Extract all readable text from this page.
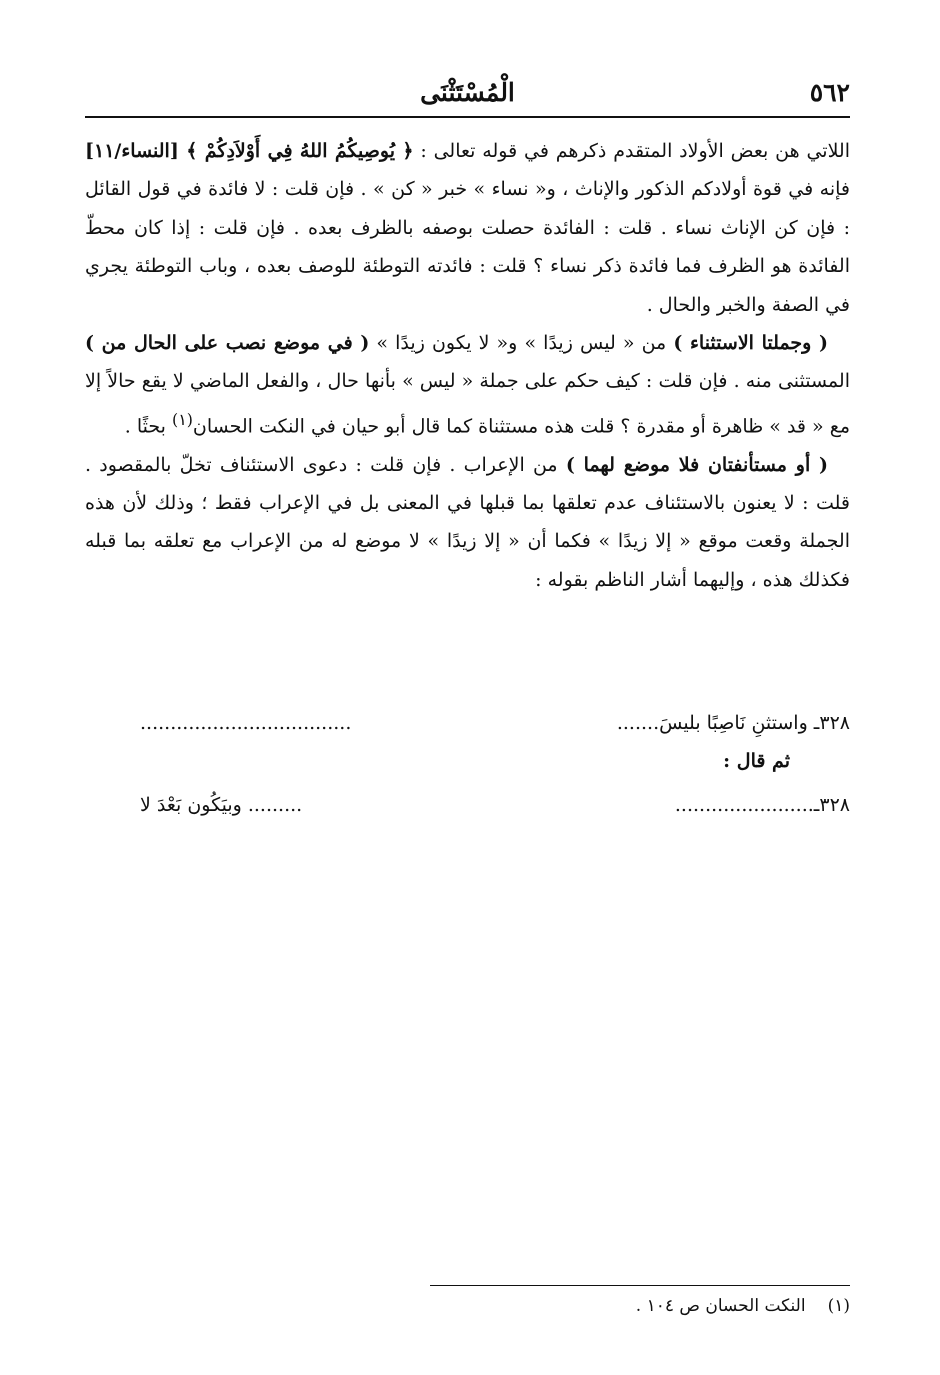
٥٦٢
الْمُسْتَثْنَى

اللاتي هن بعض الأولاد المتقدم ذكرهم في قوله تعالى : ﴿ يُوصِيكُمُ اللهُ فِي أَوْلاَدِكُمْ ﴾ [النساء/١١] فإنه في قوة أولادكم الذكور والإناث ، و« نساء » خبر « كن » . فإن قلت : لا فائدة في قول القائل : فإن كن الإناث نساء . قلت : الفائدة حصلت بوصفه بالظرف بعده . فإن قلت : إذا كان محطّ الفائدة هو الظرف فما فائدة ذكر نساء ؟ قلت : فائدته التوطئة للوصف بعده ، وباب التوطئة يجري في الصفة والخبر والحال .

( وجملتا الاستثناء ) من « ليس زيدًا » و« لا يكون زيدًا » ( في موضع نصب على الحال من ) المستثنى منه . فإن قلت : كيف حكم على جملة « ليس » بأنها حال ، والفعل الماضي لا يقع حالاً إلا مع « قد » ظاهرة أو مقدرة ؟ قلت هذه مستثناة كما قال أبو حيان في النكت الحسان$^{(١)}$ بحثًا .

( أو مستأنفتان فلا موضع لهما ) من الإعراب . فإن قلت : دعوى الاستئناف تخلّ بالمقصود . قلت : لا يعنون بالاستئناف عدم تعلقها بما قبلها في المعنى بل في الإعراب فقط ؛ وذلك لأن هذه الجملة وقعت موقع « إلا زيدًا » فكما أن « إلا زيدًا » لا موضع له من الإعراب مع تعلقه بما قبله فكذلك هذه ، وإليهما أشار الناظم بقوله :

٣٢٨ـ واستثنِ نَاصِبًا بليسَ.......
...................................
ثم قال :
٣٢٨ـ.......................
......... وبيَكُون بَعْدَ لا
(١)النكت الحسان ص ١٠٤ .
